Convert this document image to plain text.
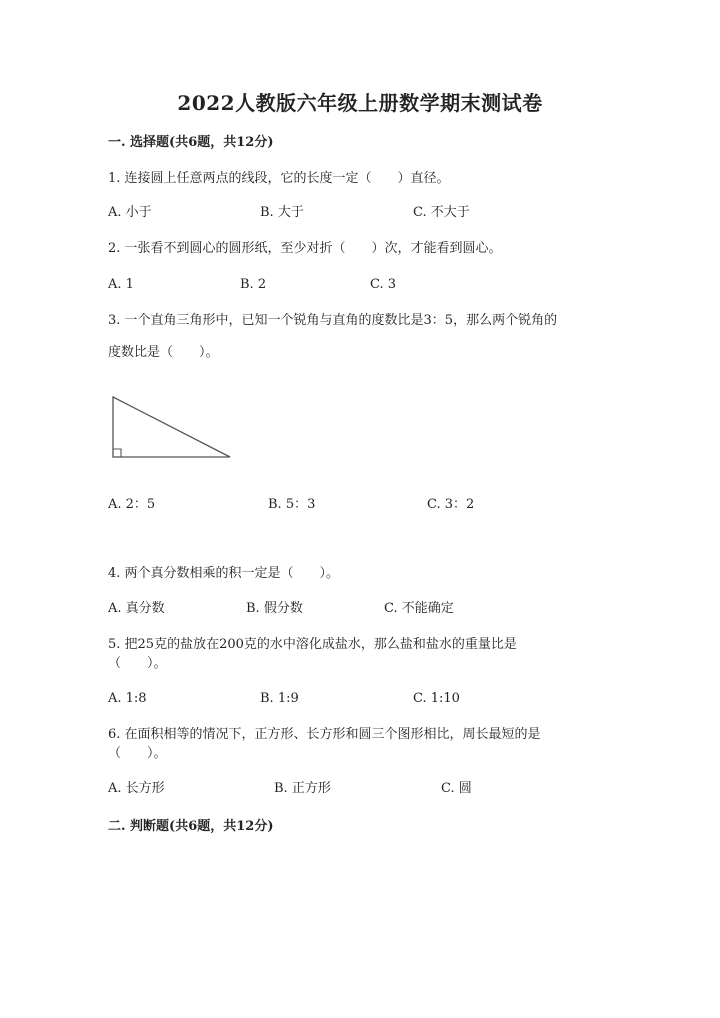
2022人教版六年级上册数学期末测试卷
一. 选择题(共6题，共12分)
1. 连接圆上任意两点的线段，它的长度一定（　　）直径。
A. 小于	B. 大于	C. 不大于
2. 一张看不到圆心的圆形纸，至少对折（　　）次，才能看到圆心。
A. 1	B. 2	C. 3
3. 一个直角三角形中，已知一个锐角与直角的度数比是3：5，那么两个锐角的
度数比是（　　）。
A. 2：5	B. 5：3	C. 3：2
4. 两个真分数相乘的积一定是（　　）。
A. 真分数	B. 假分数	C. 不能确定
5. 把25克的盐放在200克的水中溶化成盐水，那么盐和盐水的重量比是
（　　）。
A. 1:8	B. 1:9	C. 1:10
6. 在面积相等的情况下，正方形、长方形和圆三个图形相比，周长最短的是
（　　）。
A. 长方形	B. 正方形	C. 圆
二. 判断题(共6题，共12分)
